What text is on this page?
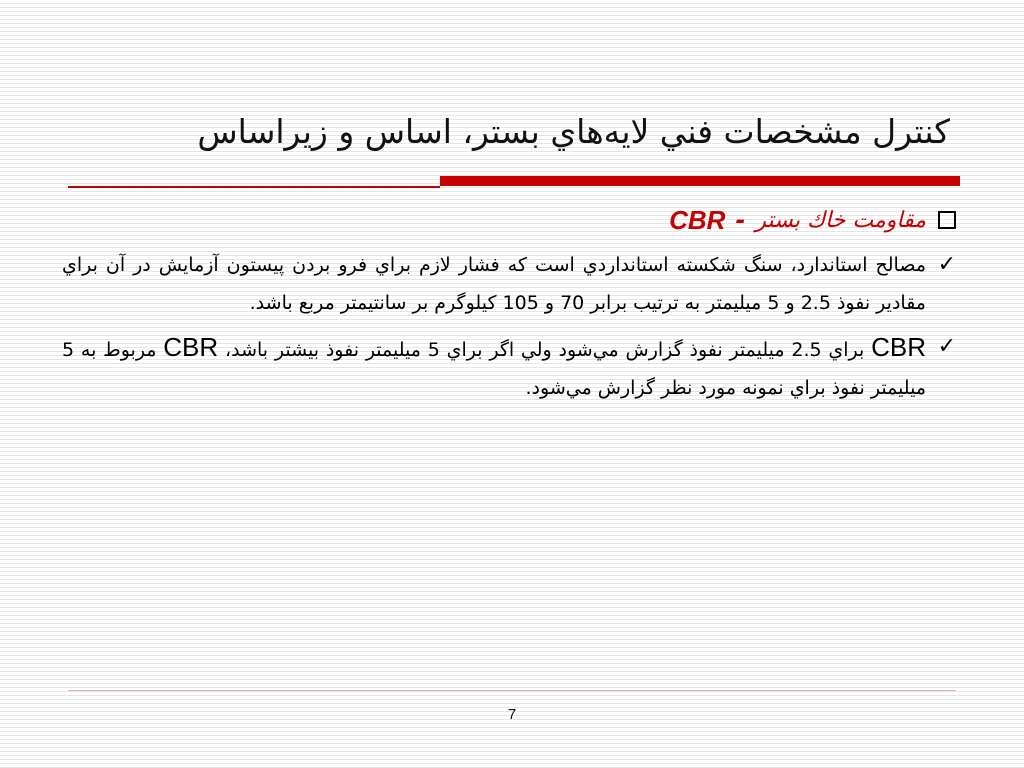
کنترل مشخصات فني لايه‌هاي بستر، اساس و زيراساس
مقاومت خاك بستر
-
CBR
✓
مصالح استاندارد، سنگ شکسته استانداردي است که فشار لازم براي فرو بردن پيستون آزمايش در آن براي مقادير نفوذ 2.5 و 5 ميليمتر به ترتيب برابر 70 و 105 کيلوگرم بر سانتيمتر مربع باشد.
✓
CBR براي 2.5 ميليمتر نفوذ گزارش مي‌شود ولي اگر براي 5 ميليمتر نفوذ بيشتر باشد، CBR مربوط به 5 ميليمتر نفوذ براي نمونه مورد نظر گزارش مي‌شود.
7
